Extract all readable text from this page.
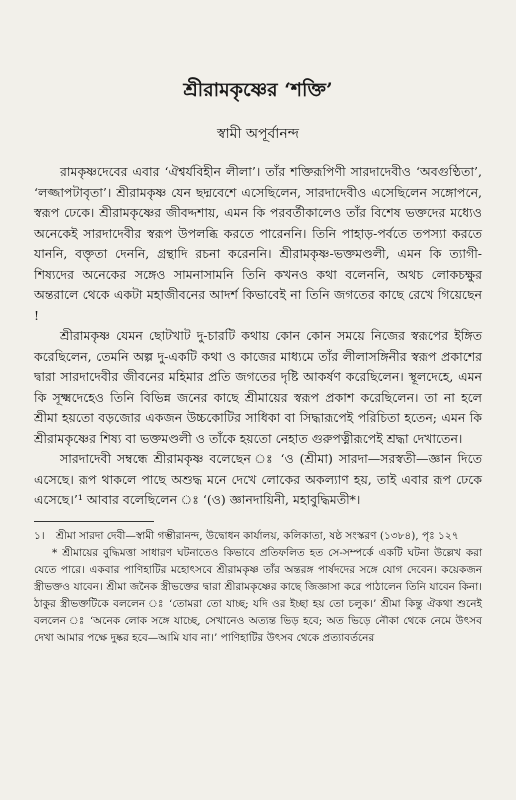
শ্রীরামকৃষ্ণের ‘শক্তি’
স্বামী অপূর্বানন্দ

রামকৃষ্ণদেবের এবার ‘ঐশ্বর্যবিহীন লীলা’। তাঁর শক্তিরূপিণী সারদাদেবীও ‘অবগুণ্ঠিতা’, ‘লজ্জাপটাবৃতা’। শ্রীরামকৃষ্ণ যেন ছদ্মবেশে এসেছিলেন, সারদাদেবীও এসেছিলেন সঙ্গোপনে, স্বরূপ ঢেকে। শ্রীরামকৃষ্ণের জীবদ্দশায়, এমন কি পরবর্তীকালেও তাঁর বিশেষ ভক্তদের মধ্যেও অনেকেই সারদাদেবীর স্বরূপ উপলব্ধি করতে পারেননি। তিনি পাহাড়-পর্বতে তপস্যা করতে যাননি, বক্তৃতা দেননি, গ্রন্থাদি রচনা করেননি। শ্রীরামকৃষ্ণ-ভক্তমণ্ডলী, এমন কি ত্যাগী-শিষ্যদের অনেকের সঙ্গেও সামনাসামনি তিনি কখনও কথা বলেননি, অথচ লোকচক্ষুর অন্তরালে থেকে একটা মহাজীবনের আদর্শ কিভাবেই না তিনি জগতের কাছে রেখে গিয়েছেন !

শ্রীরামকৃষ্ণ যেমন ছোটখাট দু-চারটি কথায় কোন কোন সময়ে নিজের স্বরূপের ইঙ্গিত করেছিলেন, তেমনি অল্প দু-একটি কথা ও কাজের মাধ্যমে তাঁর লীলাসঙ্গিনীর স্বরূপ প্রকাশের দ্বারা সারদাদেবীর জীবনের মহিমার প্রতি জগতের দৃষ্টি আকর্ষণ করেছিলেন। স্থূলদেহে, এমন কি সূক্ষ্মদেহেও তিনি বিভিন্ন জনের কাছে শ্রীমায়ের স্বরূপ প্রকাশ করেছিলেন। তা না হলে শ্রীমা হয়তো বড়জোর একজন উচ্চকোটির সাধিকা বা সিদ্ধারূপেই পরিচিতা হতেন; এমন কি শ্রীরামকৃষ্ণের শিষ্য বা ভক্তমণ্ডলী ও তাঁকে হয়তো নেহাত গুরুপত্নীরূপেই শ্রদ্ধা দেখাতেন।

সারদাদেবী সম্বন্ধে শ্রীরামকৃষ্ণ বলেছেন ঃ ‘ও (শ্রীমা) সারদা—সরস্বতী—জ্ঞান দিতে এসেছে। রূপ থাকলে পাছে অশুদ্ধ মনে দেখে লোকের অকল্যাণ হয়, তাই এবার রূপ ঢেকে এসেছে।’¹ আবার বলেছিলেন ঃ ‘(ও) জ্ঞানদায়িনী, মহাবুদ্ধিমতী*।

১। শ্রীমা সারদা দেবী—স্বামী গম্ভীরানন্দ, উদ্বোধন কার্যালয়, কলিকাতা, ষষ্ঠ সংস্করণ (১৩৮৪), পৃঃ ১২৭

* শ্রীমায়ের বুদ্ধিমত্তা সাধারণ ঘটনাতেও কিভাবে প্রতিফলিত হত সে-সম্পর্কে একটি ঘটনা উল্লেখ করা যেতে পারে। একবার পাণিহাটির মহোৎসবে শ্রীরামকৃষ্ণ তাঁর অন্তরঙ্গ পার্ষদদের সঙ্গে যোগ দেবেন। কয়েকজন স্ত্রীভক্তও যাবেন। শ্রীমা জনৈক স্ত্রীভক্তের দ্বারা শ্রীরামকৃষ্ণের কাছে জিজ্ঞাসা করে পাঠালেন তিনি যাবেন কিনা। ঠাকুর স্ত্রীভক্তটিকে বললেন ঃ ‘তোমরা তো যাচ্ছ; যদি ওর ইচ্ছা হয় তো চলুক।’ শ্রীমা কিন্তু ঐকথা শুনেই বললেন ঃ ‘অনেক লোক সঙ্গে যাচ্ছে, সেখানেও অত্যন্ত ভিড় হবে; অত ভিড়ে নৌকা থেকে নেমে উৎসব দেখা আমার পক্ষে দুষ্কর হবে—আমি যাব না।’ পাণিহাটির উৎসব থেকে প্রত্যাবর্তনের
